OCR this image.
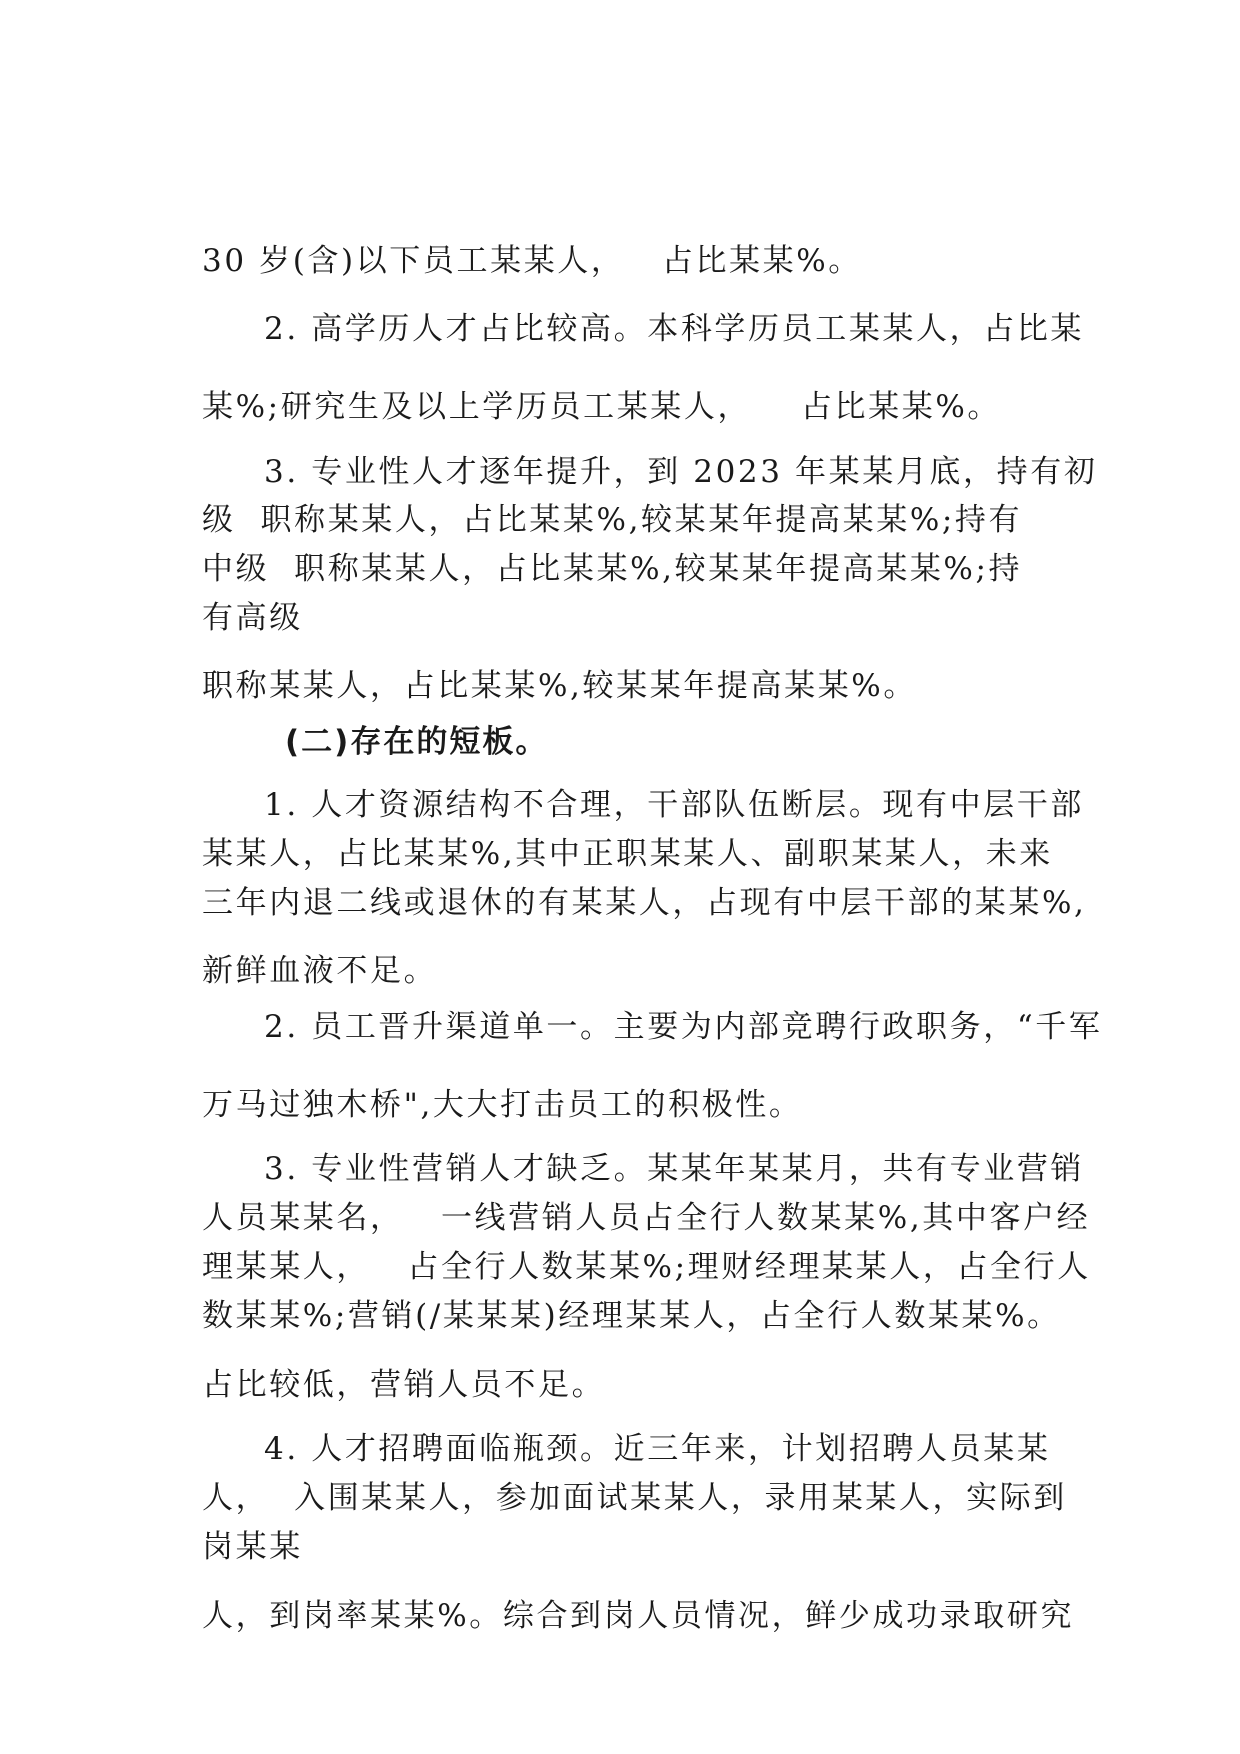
30 岁(含)以下员工某某人，   占比某某%。
2. 高学历人才占比较高。本科学历员工某某人，占比某
某%;研究生及以上学历员工某某人，    占比某某%。
3. 专业性人才逐年提升，到 2023 年某某月底，持有初
级  职称某某人，占比某某%,较某某年提高某某%;持有
中级  职称某某人，占比某某%,较某某年提高某某%;持
有高级
职称某某人，占比某某%,较某某年提高某某%。
(二)存在的短板。
1. 人才资源结构不合理，干部队伍断层。现有中层干部
某某人，占比某某%,其中正职某某人、副职某某人，未来
三年内退二线或退休的有某某人，占现有中层干部的某某%,
新鲜血液不足。
2. 员工晋升渠道单一。主要为内部竞聘行政职务，“千军
万马过独木桥",大大打击员工的积极性。
3. 专业性营销人才缺乏。某某年某某月，共有专业营销
人员某某名，   一线营销人员占全行人数某某%,其中客户经
理某某人，   占全行人数某某%;理财经理某某人，占全行人
数某某%;营销(/某某某)经理某某人，占全行人数某某%。
占比较低，营销人员不足。
4. 人才招聘面临瓶颈。近三年来，计划招聘人员某某
人，  入围某某人，参加面试某某人，录用某某人，实际到
岗某某
人，到岗率某某%。综合到岗人员情况，鲜少成功录取研究
